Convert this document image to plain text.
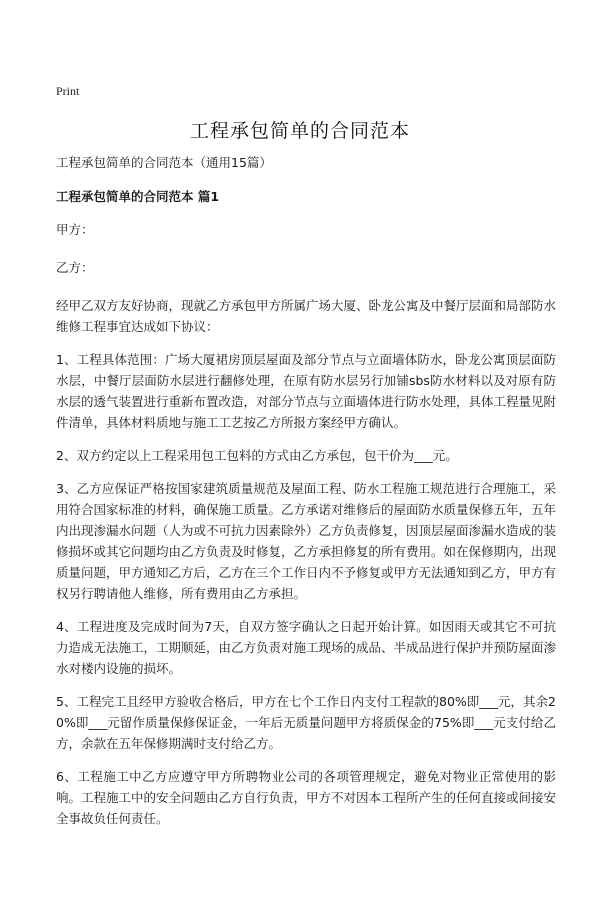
Print
工程承包简单的合同范本

工程承包简单的合同范本（通用15篇）

工程承包简单的合同范本 篇1

甲方：

乙方：

经甲乙双方友好协商，现就乙方承包甲方所属广场大厦、卧龙公寓及中餐厅层面和局部防水维修工程事宜达成如下协议：

1、工程具体范围：广场大厦裙房顶层屋面及部分节点与立面墙体防水，卧龙公寓顶层面防水层，中餐厅层面防水层进行翻修处理，在原有防水层另行加铺sbs防水材料以及对原有防水层的透气装置进行重新布置改造，对部分节点与立面墙体进行防水处理，具体工程量见附件清单，具体材料质地与施工工艺按乙方所报方案经甲方确认。

2、双方约定以上工程采用包工包料的方式由乙方承包，包干价为___元。

3、乙方应保证严格按国家建筑质量规范及屋面工程、防水工程施工规范进行合理施工，采用符合国家标准的材料，确保施工质量。乙方承诺对维修后的屋面防水质量保修五年，五年内出现渗漏水问题（人为或不可抗力因素除外）乙方负责修复，因顶层屋面渗漏水造成的装修损坏或其它问题均由乙方负责及时修复，乙方承担修复的所有费用。如在保修期内，出现质量问题，甲方通知乙方后，乙方在三个工作日内不予修复或甲方无法通知到乙方，甲方有权另行聘请他人维修，所有费用由乙方承担。

4、工程进度及完成时间为7天，自双方签字确认之日起开始计算。如因雨天或其它不可抗力造成无法施工，工期顺延，由乙方负责对施工现场的成品、半成品进行保护并预防屋面渗水对楼内设施的损坏。

5、工程完工且经甲方验收合格后，甲方在七个工作日内支付工程款的80%即___元，其余20%即___元留作质量保修保证金，一年后无质量问题甲方将质保金的75%即___元支付给乙方，余款在五年保修期满时支付给乙方。

6、工程施工中乙方应遵守甲方所聘物业公司的各项管理规定，避免对物业正常使用的影响。工程施工中的安全问题由乙方自行负责，甲方不对因本工程所产生的任何直接或间接安全事故负任何责任。
